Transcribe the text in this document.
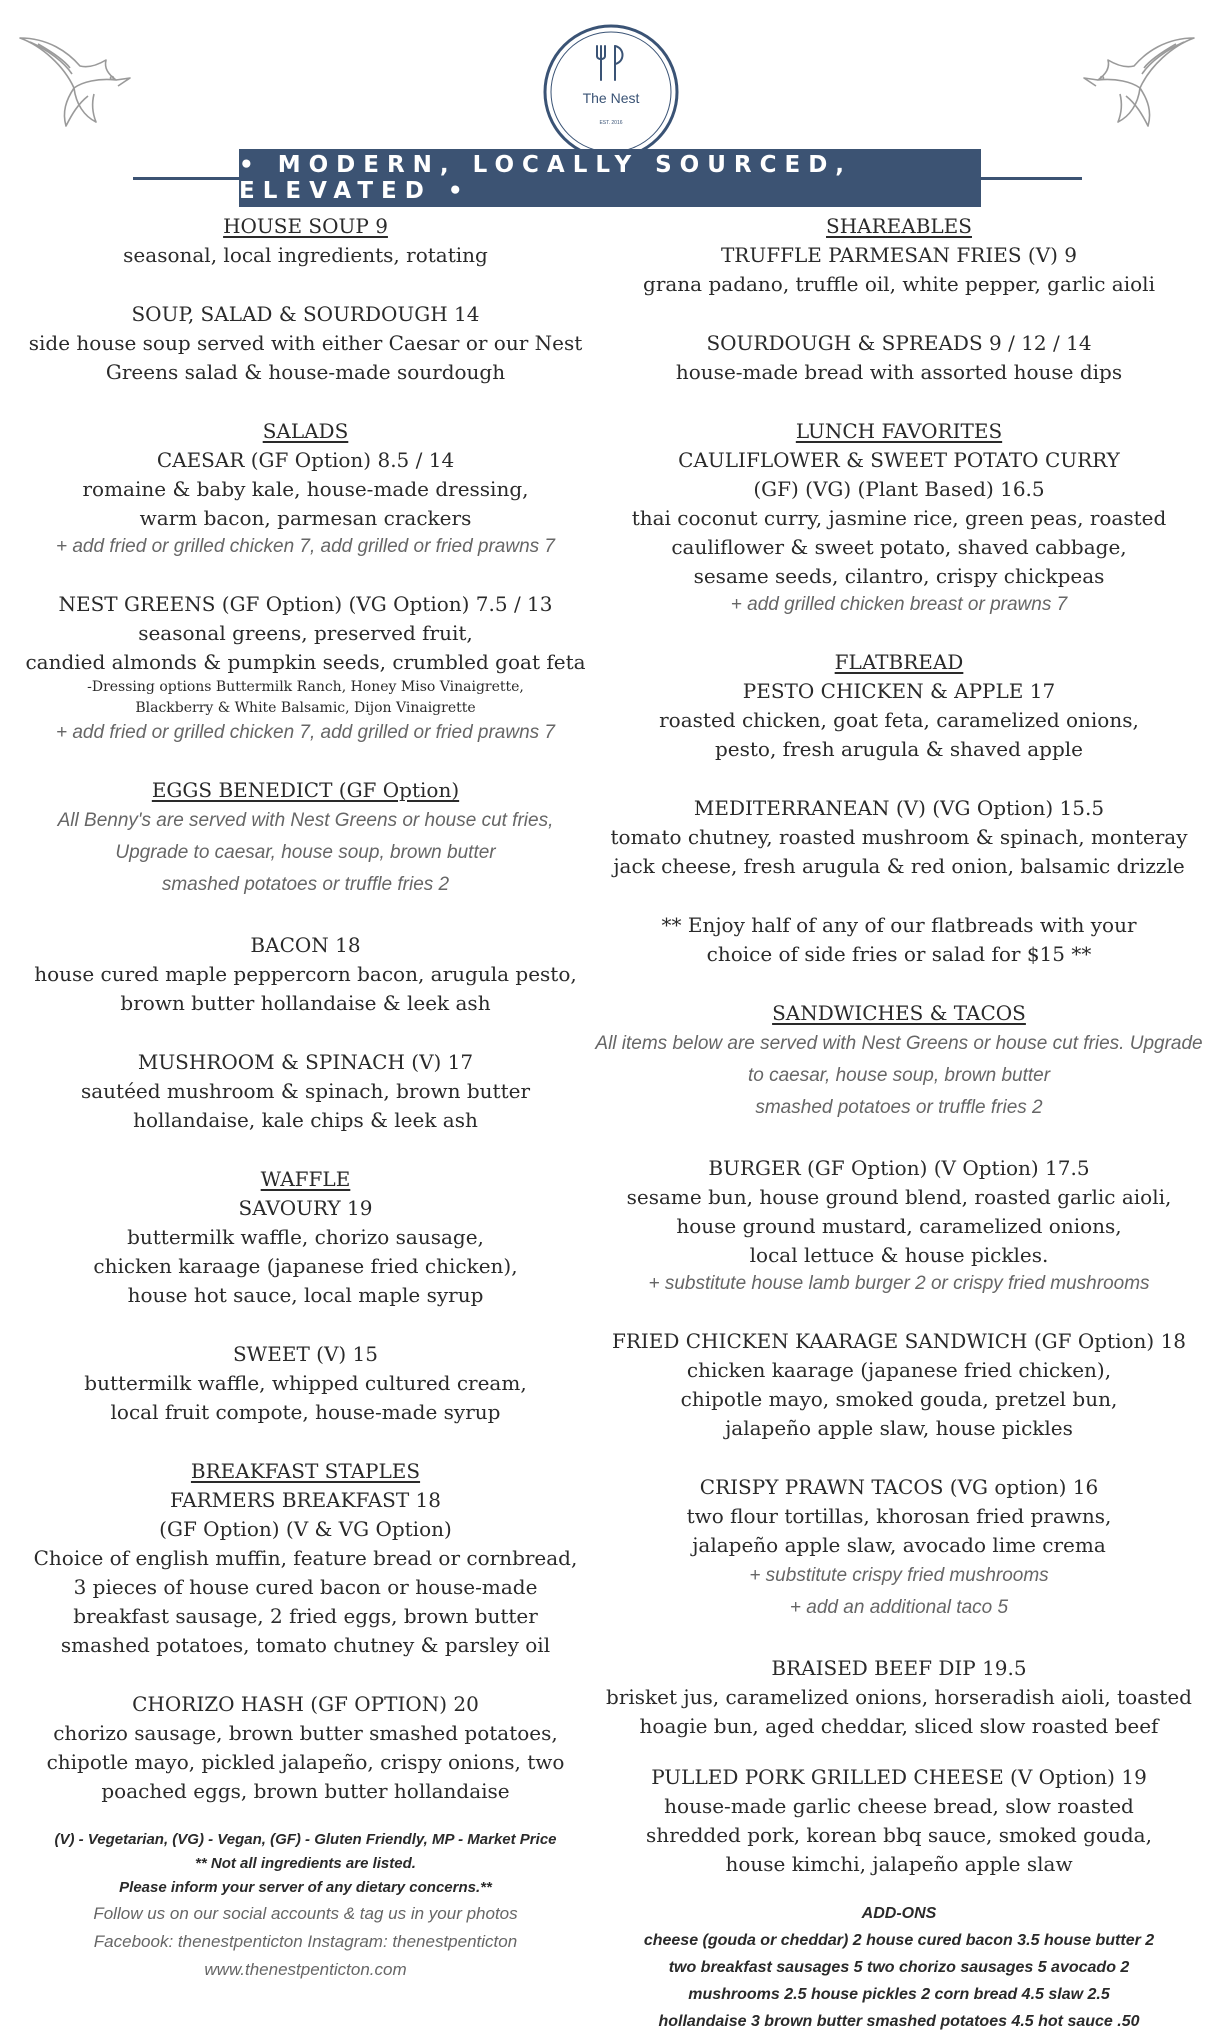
The Nest
EST. 2016
• MODERN, LOCALLY SOURCED, ELEVATED •

HOUSE SOUP 9

seasonal, local ingredients, rotating

SOUP, SALAD & SOURDOUGH 14

side house soup served with either Caesar or our Nest

Greens salad & house-made sourdough

SALADS

CAESAR (GF Option) 8.5 / 14

romaine & baby kale, house-made dressing,

warm bacon, parmesan crackers

+ add fried or grilled chicken 7, add grilled or fried prawns 7

NEST GREENS (GF Option) (VG Option) 7.5 / 13

seasonal greens, preserved fruit,

candied almonds & pumpkin seeds, crumbled goat feta

-Dressing options Buttermilk Ranch, Honey Miso Vinaigrette,

Blackberry & White Balsamic, Dijon Vinaigrette

+ add fried or grilled chicken 7, add grilled or fried prawns 7

EGGS BENEDICT (GF Option)

All Benny's are served with Nest Greens or house cut fries,

Upgrade to caesar, house soup, brown butter

smashed potatoes or truffle fries 2

BACON 18

house cured maple peppercorn bacon, arugula pesto,

brown butter hollandaise & leek ash

MUSHROOM & SPINACH (V) 17

sautéed mushroom & spinach, brown butter

hollandaise, kale chips & leek ash

WAFFLE

SAVOURY 19

buttermilk waffle, chorizo sausage,

chicken karaage (japanese fried chicken),

house hot sauce, local maple syrup

SWEET (V) 15

buttermilk waffle, whipped cultured cream,

local fruit compote, house-made syrup

BREAKFAST STAPLES

FARMERS BREAKFAST 18

(GF Option) (V & VG Option)

Choice of english muffin, feature bread or cornbread,

3 pieces of house cured bacon or house-made

breakfast sausage, 2 fried eggs, brown butter

smashed potatoes, tomato chutney & parsley oil

CHORIZO HASH (GF OPTION) 20

chorizo sausage, brown butter smashed potatoes,

chipotle mayo, pickled jalapeño, crispy onions, two

poached eggs, brown butter hollandaise

(V) - Vegetarian, (VG) - Vegan, (GF) - Gluten Friendly, MP - Market Price

** Not all ingredients are listed.

Please inform your server of any dietary concerns.**

Follow us on our social accounts & tag us in your photos

Facebook: thenestpenticton Instagram: thenestpenticton

www.thenestpenticton.com

SHAREABLES

TRUFFLE PARMESAN FRIES (V) 9

grana padano, truffle oil, white pepper, garlic aioli

SOURDOUGH & SPREADS 9 / 12 / 14

house-made bread with assorted house dips

LUNCH FAVORITES

CAULIFLOWER & SWEET POTATO CURRY

(GF) (VG) (Plant Based) 16.5

thai coconut curry, jasmine rice, green peas, roasted

cauliflower & sweet potato, shaved cabbage,

sesame seeds, cilantro, crispy chickpeas

+ add grilled chicken breast or prawns 7

FLATBREAD

PESTO CHICKEN & APPLE 17

roasted chicken, goat feta, caramelized onions,

pesto, fresh arugula & shaved apple

MEDITERRANEAN (V) (VG Option) 15.5

tomato chutney, roasted mushroom & spinach, monteray

jack cheese, fresh arugula & red onion, balsamic drizzle

** Enjoy half of any of our flatbreads with your

choice of side fries or salad for $15 **

SANDWICHES & TACOS

All items below are served with Nest Greens or house cut fries. Upgrade

to caesar, house soup, brown butter

smashed potatoes or truffle fries 2

BURGER (GF Option) (V Option) 17.5

sesame bun, house ground blend, roasted garlic aioli,

house ground mustard, caramelized onions,

local lettuce & house pickles.

+ substitute house lamb burger 2 or crispy fried mushrooms

FRIED CHICKEN KAARAGE SANDWICH (GF Option) 18

chicken kaarage (japanese fried chicken),

chipotle mayo, smoked gouda, pretzel bun,

jalapeño apple slaw, house pickles

CRISPY PRAWN TACOS (VG option) 16

two flour tortillas, khorosan fried prawns,

jalapeño apple slaw, avocado lime crema

+ substitute crispy fried mushrooms

+ add an additional taco 5

BRAISED BEEF DIP 19.5

brisket jus, caramelized onions, horseradish aioli, toasted

hoagie bun, aged cheddar, sliced slow roasted beef

PULLED PORK GRILLED CHEESE (V Option) 19

house-made garlic cheese bread, slow roasted

shredded pork, korean bbq sauce, smoked gouda,

house kimchi, jalapeño apple slaw

ADD-ONS

cheese (gouda or cheddar) 2 house cured bacon 3.5 house butter 2

two breakfast sausages 5 two chorizo sausages 5 avocado 2

mushrooms 2.5 house pickles 2 corn bread 4.5 slaw 2.5

hollandaise 3 brown butter smashed potatoes 4.5 hot sauce .50
